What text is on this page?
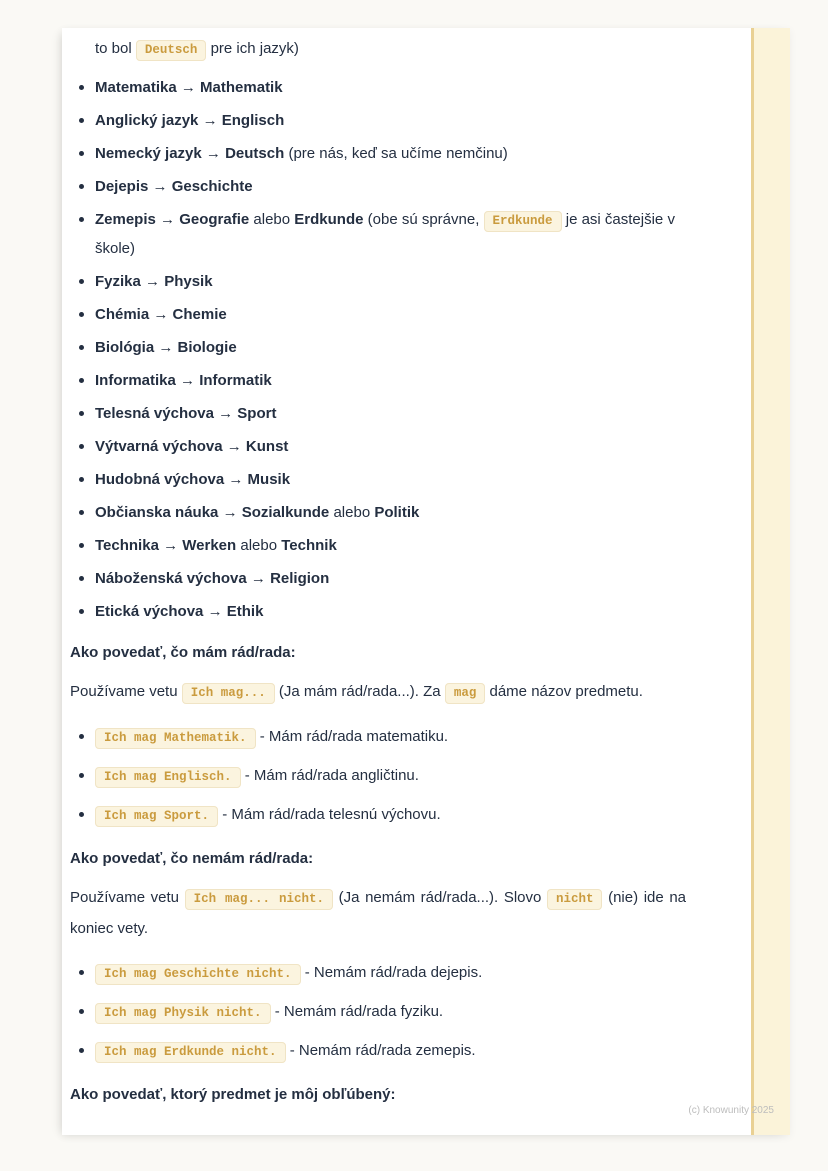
to bol Deutsch pre ich jazyk)
Matematika → Mathematik
Anglický jazyk → Englisch
Nemecký jazyk → Deutsch (pre nás, keď sa učíme nemčinu)
Dejepis → Geschichte
Zemepis → Geografie alebo Erdkunde (obe sú správne, Erdkunde je asi častejšie v škole)
Fyzika → Physik
Chémia → Chemie
Biológia → Biologie
Informatika → Informatik
Telesná výchova → Sport
Výtvarná výchova → Kunst
Hudobná výchova → Musik
Občianska náuka → Sozialkunde alebo Politik
Technika → Werken alebo Technik
Náboženská výchova → Religion
Etická výchova → Ethik
Ako povedať, čo mám rád/rada:

Používame vetu Ich mag... (Ja mám rád/rada...). Za mag dáme názov predmetu.

Ich mag Mathematik. - Mám rád/rada matematiku.
Ich mag Englisch. - Mám rád/rada angličtinu.
Ich mag Sport. - Mám rád/rada telesnú výchovu.
Ako povedať, čo nemám rád/rada:

Používame vetu Ich mag... nicht. (Ja nemám rád/rada...). Slovo nicht (nie) ide na koniec vety.

Ich mag Geschichte nicht. - Nemám rád/rada dejepis.
Ich mag Physik nicht. - Nemám rád/rada fyziku.
Ich mag Erdkunde nicht. - Nemám rád/rada zemepis.
Ako povedať, ktorý predmet je môj obľúbený:
(c) Knowunity 2025
